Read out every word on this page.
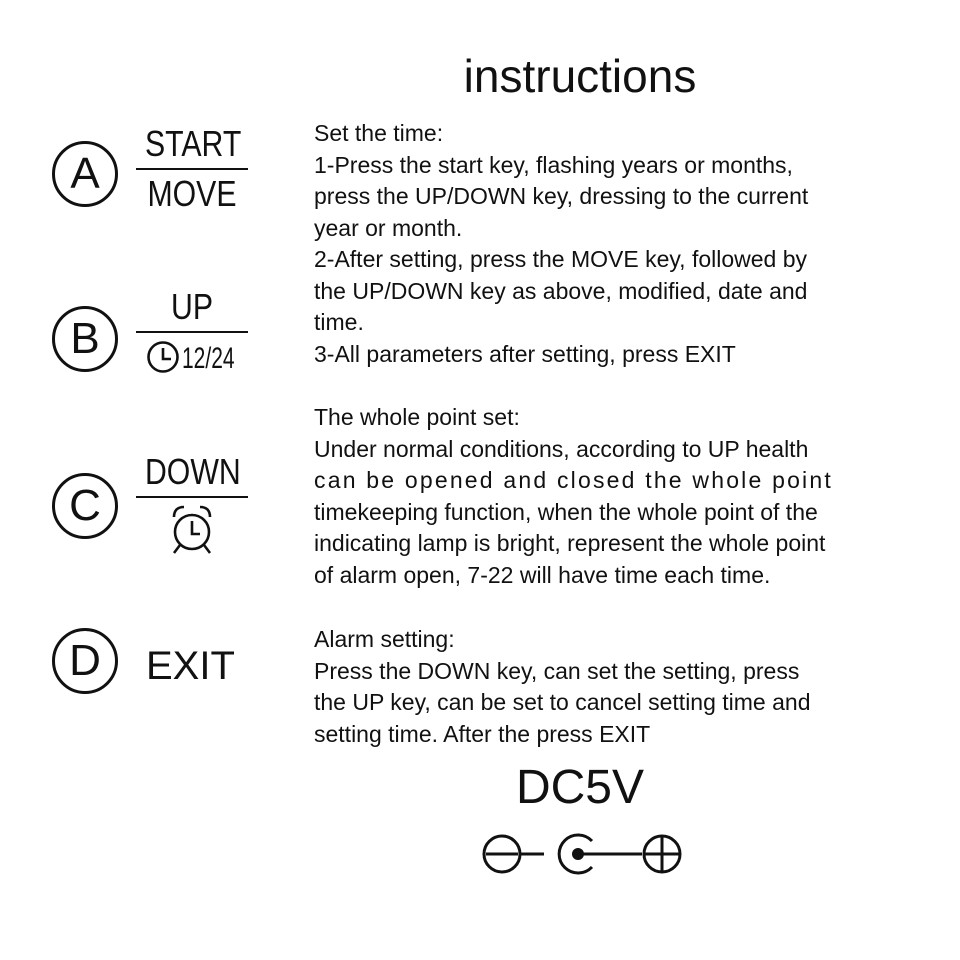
instructions
A
START
MOVE
B
UP
12/24
C
DOWN
D	EXIT
Set the time:
1-Press the start key, flashing years or months,
press the UP/DOWN key, dressing to the current
year or month.
2-After setting, press the MOVE key, followed by
the UP/DOWN key as above, modified, date and
time.
3-All parameters after setting, press EXIT
The whole point set:
Under normal conditions, according to UP health
can be opened and closed the whole point
timekeeping function, when the whole point of the
indicating lamp is bright, represent the whole point
of alarm open, 7-22 will have time each time.
Alarm setting:
Press the DOWN key, can set the setting, press
the UP key, can be set to cancel setting time and
setting time. After the press EXIT
DC5V
